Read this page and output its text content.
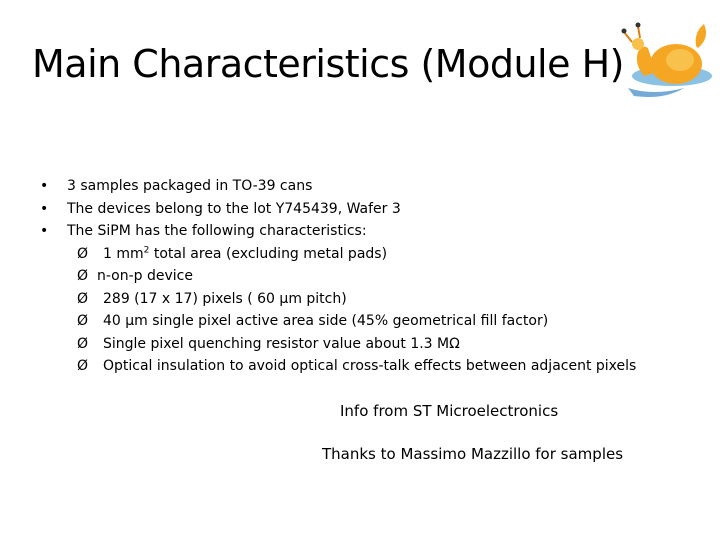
Main Characteristics (Module H)
•	3 samples packaged in TO-39 cans
•	The devices belong to the lot Y745439, Wafer 3
•	The SiPM has the following characteristics:
Ø 1 $mm^2$ total area (excluding metal pads)
Ø n-on-p device
Ø 289 (17 x 17) pixels ( 60 µm pitch)
Ø 40 µm single pixel active area side (45% geometrical fill factor)
Ø Single pixel quenching resistor value about 1.3 MΩ
Ø Optical insulation to avoid optical cross-talk effects between adjacent pixels
Info from ST Microelectronics
Thanks to Massimo Mazzillo for samples
